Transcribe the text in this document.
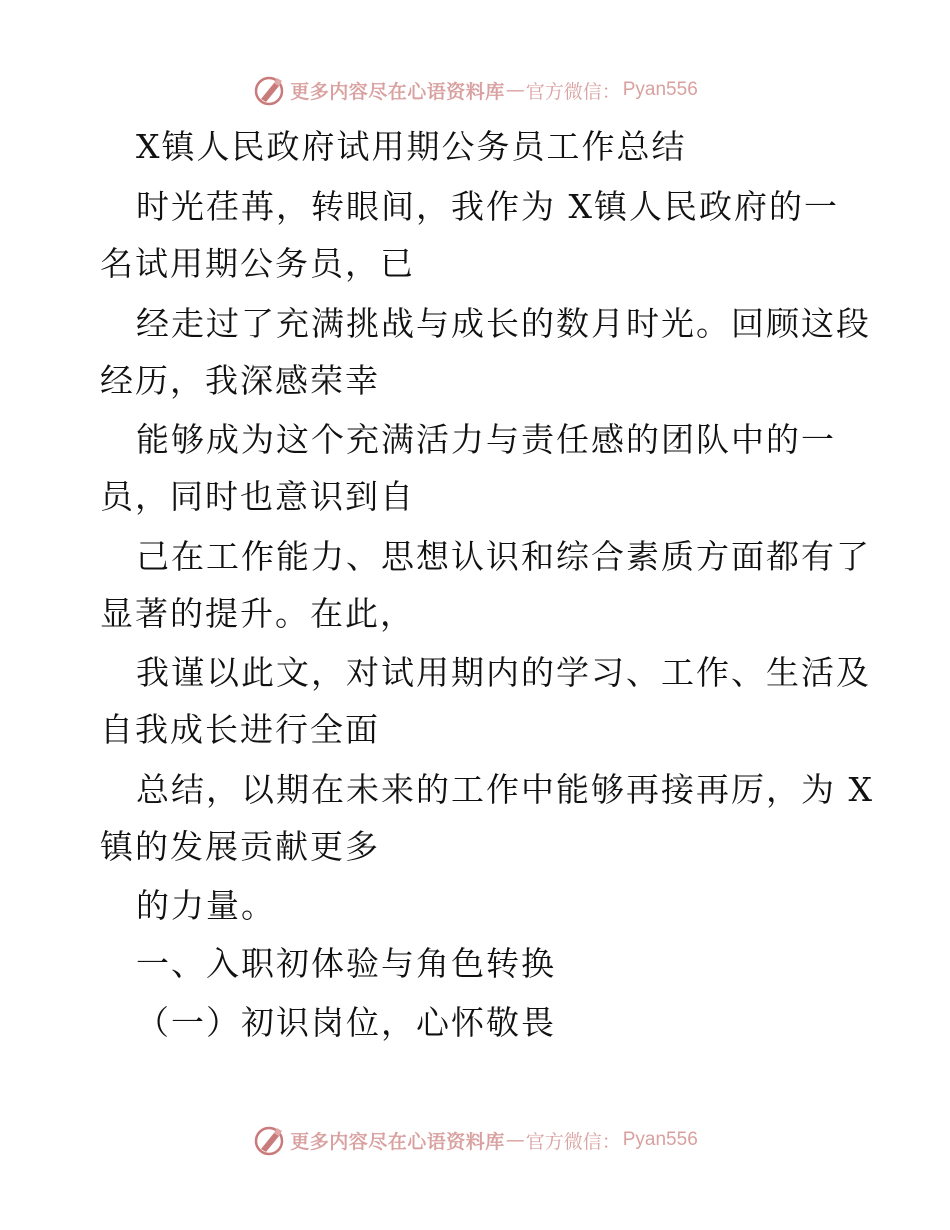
更多内容尽在心语资料库 — 官方微信： Pyan556
X镇人民政府试用期公务员工作总结
时光荏苒，转眼间，我作为 X镇人民政府的一
名试用期公务员，已
经走过了充满挑战与成长的数月时光。回顾这段
经历，我深感荣幸
能够成为这个充满活力与责任感的团队中的一
员，同时也意识到自
己在工作能力、思想认识和综合素质方面都有了
显著的提升。在此，
我谨以此文，对试用期内的学习、工作、生活及
自我成长进行全面
总结，以期在未来的工作中能够再接再厉，为 X
镇的发展贡献更多
的力量。
一、入职初体验与角色转换
（一）初识岗位，心怀敬畏
更多内容尽在心语资料库 — 官方微信： Pyan556
